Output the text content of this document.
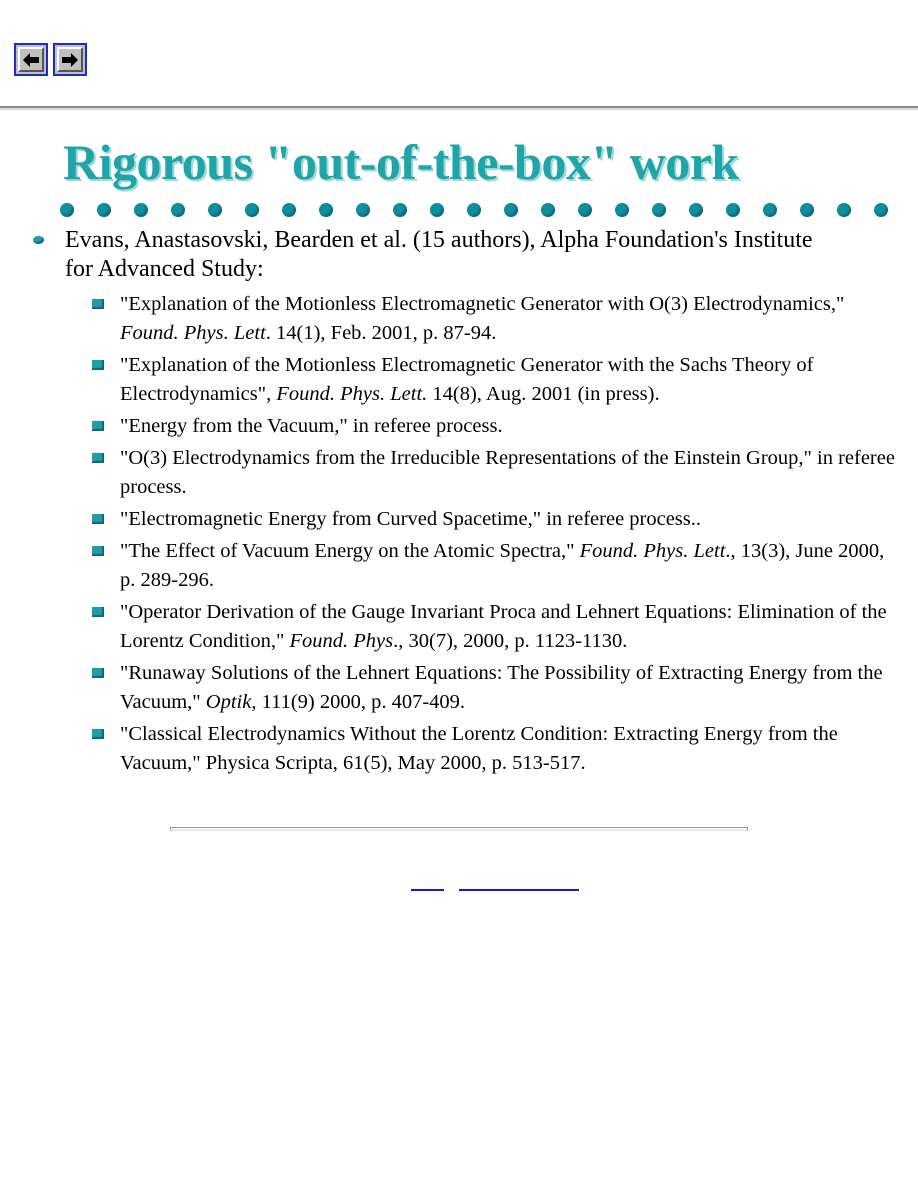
Rigorous "out-of-the-box" work
Evans, Anastasovski, Bearden et al. (15 authors), Alpha Foundation's Institute for Advanced Study:
"Explanation of the Motionless Electromagnetic Generator with O(3) Electrodynamics," Found. Phys. Lett. 14(1), Feb. 2001, p. 87-94.
"Explanation of the Motionless Electromagnetic Generator with the Sachs Theory of Electrodynamics", Found. Phys. Lett. 14(8), Aug. 2001 (in press).
"Energy from the Vacuum," in referee process.
"O(3) Electrodynamics from the Irreducible Representations of the Einstein Group," in referee process.
"Electromagnetic Energy from Curved Spacetime," in referee process..
"The Effect of Vacuum Energy on the Atomic Spectra," Found. Phys. Lett., 13(3), June 2000, p. 289-296.
"Operator Derivation of the Gauge Invariant Proca and Lehnert Equations: Elimination of the Lorentz Condition," Found. Phys., 30(7), 2000, p. 1123-1130.
"Runaway Solutions of the Lehnert Equations: The Possibility of Extracting Energy from the Vacuum," Optik, 111(9) 2000, p. 407-409.
"Classical Electrodynamics Without the Lorentz Condition: Extracting Energy from the Vacuum," Physica Scripta, 61(5), May 2000, p. 513-517.
